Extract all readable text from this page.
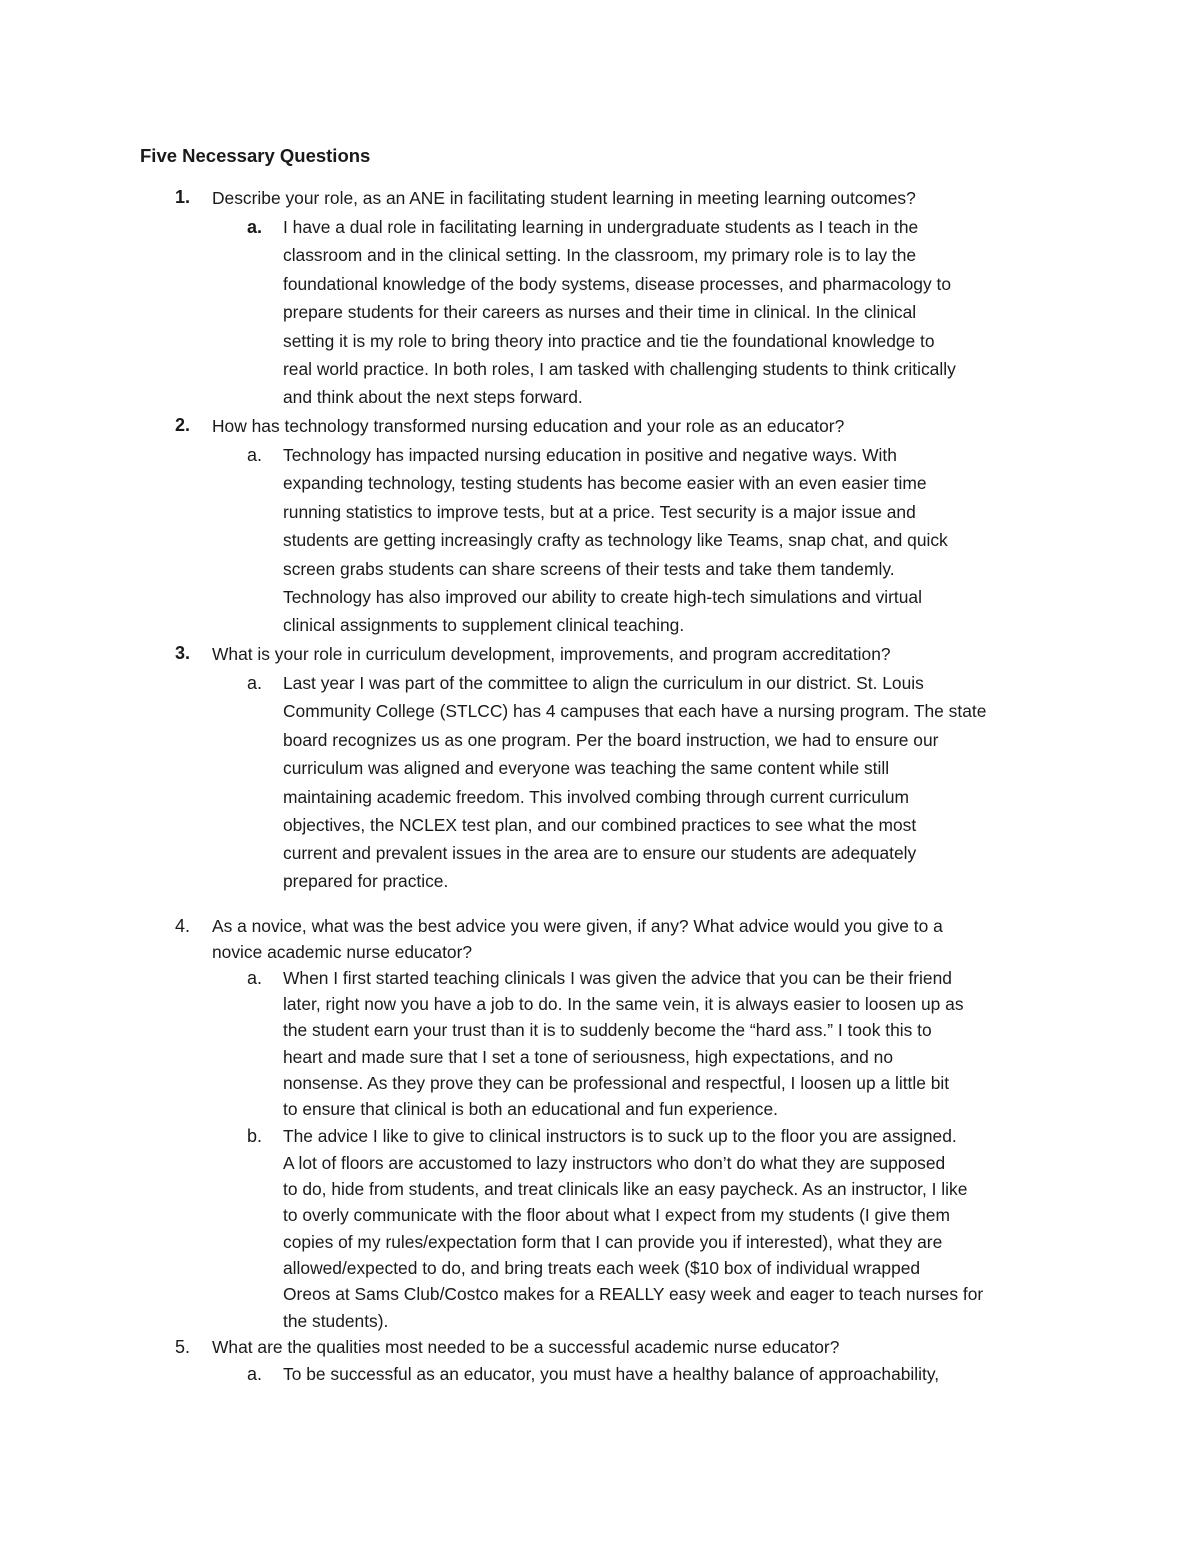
Five Necessary Questions
1. Describe your role, as an ANE in facilitating student learning in meeting learning outcomes?
a. I have a dual role in facilitating learning in undergraduate students as I teach in the
classroom and in the clinical setting. In the classroom, my primary role is to lay the
foundational knowledge of the body systems, disease processes, and pharmacology to
prepare students for their careers as nurses and their time in clinical. In the clinical
setting it is my role to bring theory into practice and tie the foundational knowledge to
real world practice. In both roles, I am tasked with challenging students to think critically
and think about the next steps forward.
2. How has technology transformed nursing education and your role as an educator?
a. Technology has impacted nursing education in positive and negative ways. With
expanding technology, testing students has become easier with an even easier time
running statistics to improve tests, but at a price. Test security is a major issue and
students are getting increasingly crafty as technology like Teams, snap chat, and quick
screen grabs students can share screens of their tests and take them tandemly.
Technology has also improved our ability to create high-tech simulations and virtual
clinical assignments to supplement clinical teaching.
3. What is your role in curriculum development, improvements, and program accreditation?
a. Last year I was part of the committee to align the curriculum in our district. St. Louis
Community College (STLCC) has 4 campuses that each have a nursing program. The state
board recognizes us as one program. Per the board instruction, we had to ensure our
curriculum was aligned and everyone was teaching the same content while still
maintaining academic freedom. This involved combing through current curriculum
objectives, the NCLEX test plan, and our combined practices to see what the most
current and prevalent issues in the area are to ensure our students are adequately
prepared for practice.
4. As a novice, what was the best advice you were given, if any? What advice would you give to a
novice academic nurse educator?
a. When I first started teaching clinicals I was given the advice that you can be their friend
later, right now you have a job to do. In the same vein, it is always easier to loosen up as
the student earn your trust than it is to suddenly become the “hard ass.” I took this to
heart and made sure that I set a tone of seriousness, high expectations, and no
nonsense. As they prove they can be professional and respectful, I loosen up a little bit
to ensure that clinical is both an educational and fun experience.
b. The advice I like to give to clinical instructors is to suck up to the floor you are assigned.
A lot of floors are accustomed to lazy instructors who don’t do what they are supposed
to do, hide from students, and treat clinicals like an easy paycheck. As an instructor, I like
to overly communicate with the floor about what I expect from my students (I give them
copies of my rules/expectation form that I can provide you if interested), what they are
allowed/expected to do, and bring treats each week ($10 box of individual wrapped
Oreos at Sams Club/Costco makes for a REALLY easy week and eager to teach nurses for
the students).
5. What are the qualities most needed to be a successful academic nurse educator?
a. To be successful as an educator, you must have a healthy balance of approachability,
